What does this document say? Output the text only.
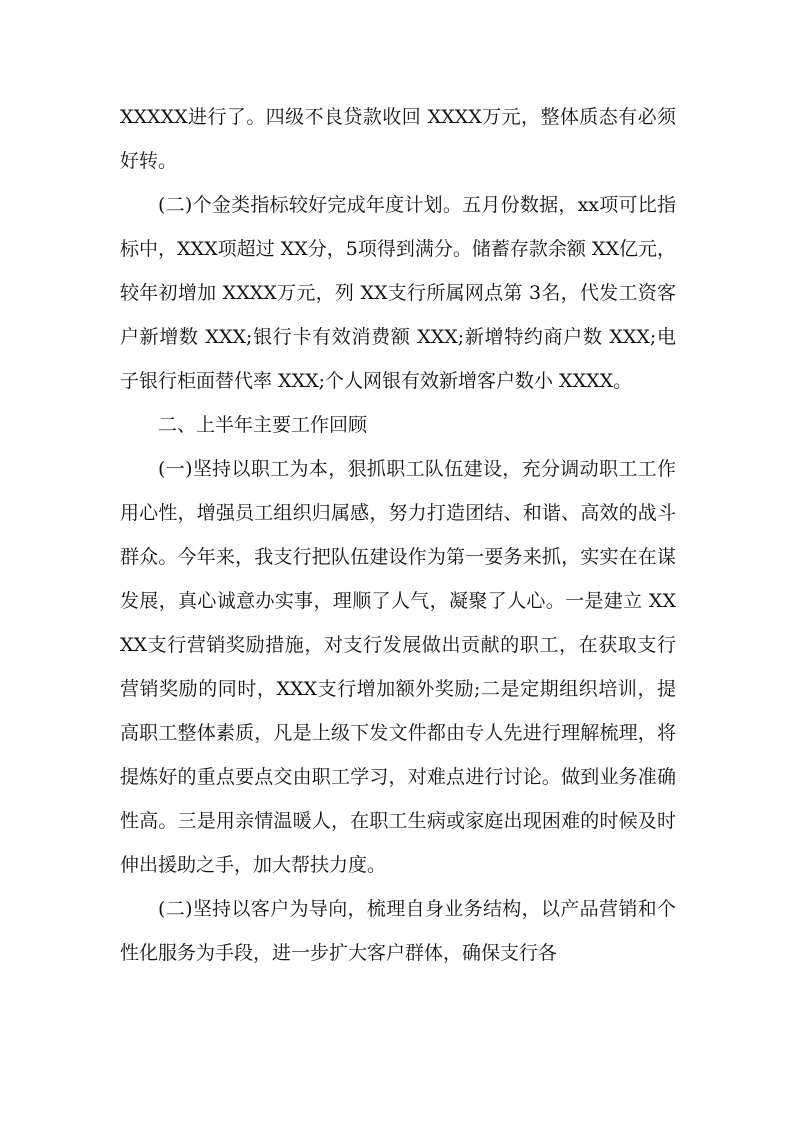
XXXXX进行了。四级不良贷款收回 XXXX万元，整体质态有必须好转。

(二)个金类指标较好完成年度计划。五月份数据，xx项可比指标中，XXX项超过 XX分，5项得到满分。储蓄存款余额 XX亿元，较年初增加 XXXX万元，列 XX支行所属网点第 3名，代发工资客户新增数 XXX;银行卡有效消费额 XXX;新增特约商户数 XXX;电子银行柜面替代率 XXX;个人网银有效新增客户数小 XXXX。

二、上半年主要工作回顾

(一)坚持以职工为本，狠抓职工队伍建设，充分调动职工工作用心性，增强员工组织归属感，努力打造团结、和谐、高效的战斗群众。今年来，我支行把队伍建设作为第一要务来抓，实实在在谋发展，真心诚意办实事，理顺了人气，凝聚了人心。一是建立 XXXX支行营销奖励措施，对支行发展做出贡献的职工，在获取支行营销奖励的同时，XXX支行增加额外奖励;二是定期组织培训，提高职工整体素质，凡是上级下发文件都由专人先进行理解梳理，将提炼好的重点要点交由职工学习，对难点进行讨论。做到业务准确性高。三是用亲情温暖人，在职工生病或家庭出现困难的时候及时伸出援助之手，加大帮扶力度。

(二)坚持以客户为导向，梳理自身业务结构，以产品营销和个性化服务为手段，进一步扩大客户群体，确保支行各
